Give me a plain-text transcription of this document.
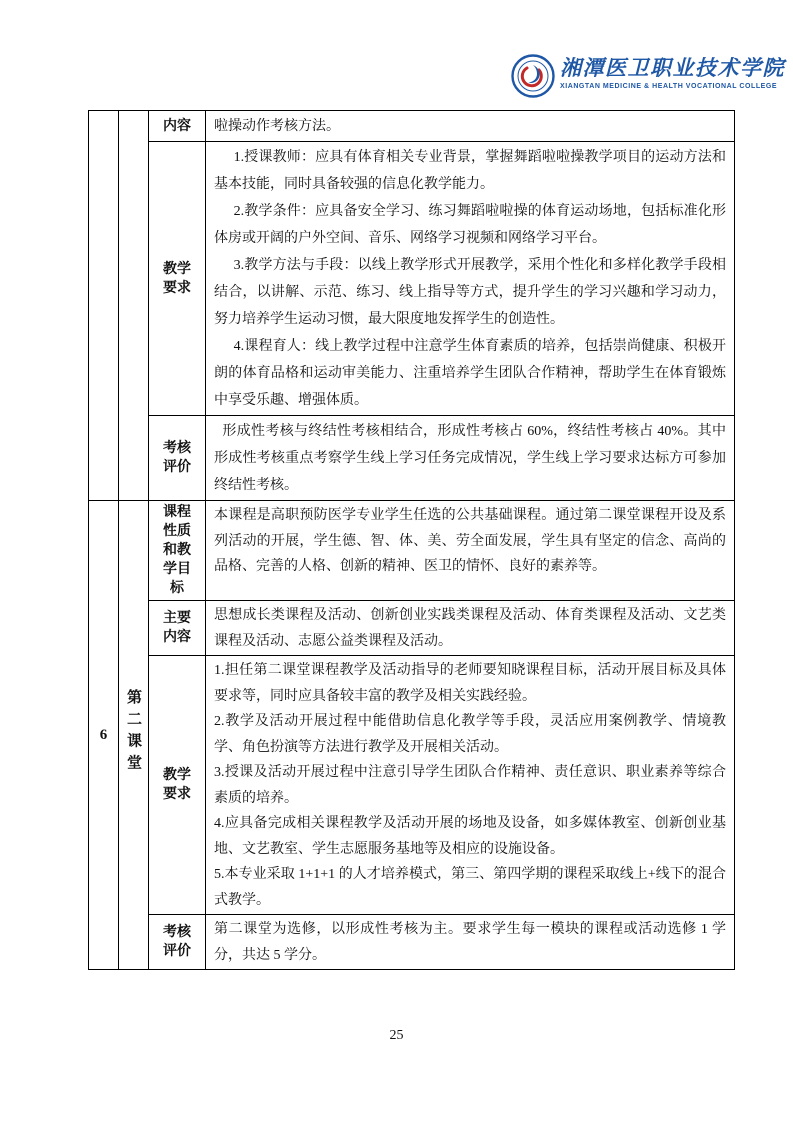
湘潭医卫职业技术学院
XIANGTAN MEDICINE & HEALTH VOCATIONAL COLLEGE

		内容	啦操动作考核方法。

		教学要求	1.授课教师：应具有体育相关专业背景，掌握舞蹈啦啦操教学项目的运动方法和基本技能，同时具备较强的信息化教学能力。

2.教学条件：应具备安全学习、练习舞蹈啦啦操的体育运动场地，包括标准化形体房或开阔的户外空间、音乐、网络学习视频和网络学习平台。

3.教学方法与手段：以线上教学形式开展教学，采用个性化和多样化教学手段相结合，以讲解、示范、练习、线上指导等方式，提升学生的学习兴趣和学习动力，努力培养学生运动习惯，最大限度地发挥学生的创造性。

4.课程育人：线上教学过程中注意学生体育素质的培养，包括崇尚健康、积极开朗的体育品格和运动审美能力、注重培养学生团队合作精神，帮助学生在体育锻炼中享受乐趣、增强体质。

		考核评价	形成性考核与终结性考核相结合，形成性考核占 60%，终结性考核占 40%。其中形成性考核重点考察学生线上学习任务完成情况，学生线上学习要求达标方可参加终结性考核。

6	第二课堂	课程性质和教学目标	本课程是高职预防医学专业学生任选的公共基础课程。通过第二课堂课程开设及系列活动的开展，学生德、智、体、美、劳全面发展，学生具有坚定的信念、高尚的品格、完善的人格、创新的精神、医卫的情怀、良好的素养等。

		主要内容	思想成长类课程及活动、创新创业实践类课程及活动、体育类课程及活动、文艺类课程及活动、志愿公益类课程及活动。

		教学要求	1.担任第二课堂课程教学及活动指导的老师要知晓课程目标，活动开展目标及具体要求等，同时应具备较丰富的教学及相关实践经验。

2.教学及活动开展过程中能借助信息化教学等手段，灵活应用案例教学、情境教学、角色扮演等方法进行教学及开展相关活动。

3.授课及活动开展过程中注意引导学生团队合作精神、责任意识、职业素养等综合素质的培养。

4.应具备完成相关课程教学及活动开展的场地及设备，如多媒体教室、创新创业基地、文艺教室、学生志愿服务基地等及相应的设施设备。

5.本专业采取 1+1+1 的人才培养模式，第三、第四学期的课程采取线上+线下的混合式教学。

		考核评价	第二课堂为选修，以形成性考核为主。要求学生每一模块的课程或活动选修 1 学分，共达 5 学分。

25
